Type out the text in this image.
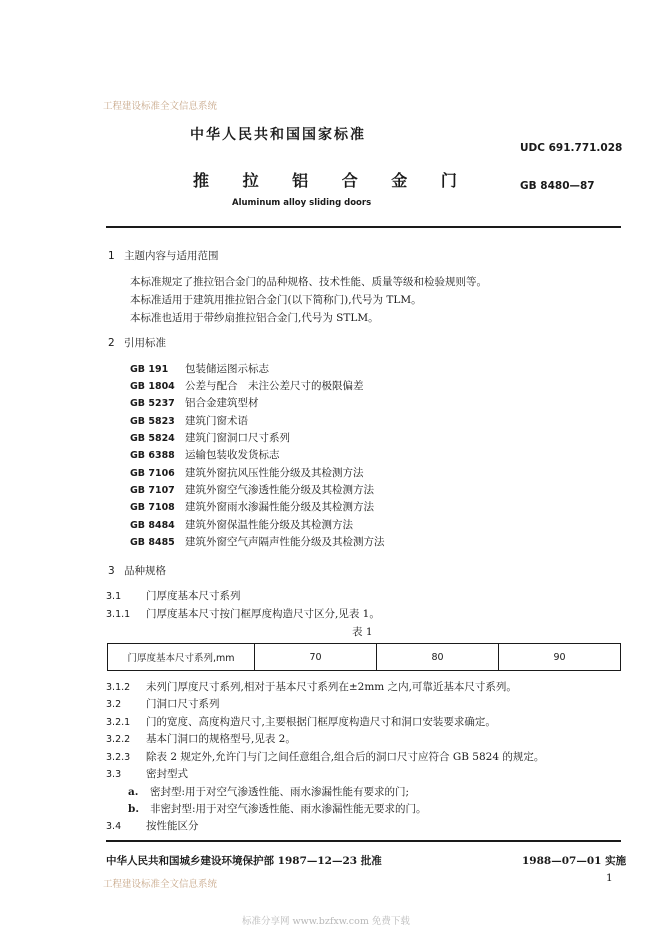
工程建设标准全文信息系统
中华人民共和国国家标准
UDC 691.771.028
推 拉 铝 合 金 门	GB 8480—87
Aluminum alloy sliding doors
1 主题内容与适用范围
本标准规定了推拉铝合金门的品种规格、技术性能、质量等级和检验规则等。
本标准适用于建筑用推拉铝合金门(以下简称门),代号为 TLM。
本标准也适用于带纱扇推拉铝合金门,代号为 STLM。
2 引用标准
GB 191 包装储运图示标志
GB 1804 公差与配合　未注公差尺寸的极限偏差
GB 5237 铝合金建筑型材
GB 5823 建筑门窗术语
GB 5824 建筑门窗洞口尺寸系列
GB 6388 运输包装收发货标志
GB 7106 建筑外窗抗风压性能分级及其检测方法
GB 7107 建筑外窗空气渗透性能分级及其检测方法
GB 7108 建筑外窗雨水渗漏性能分级及其检测方法
GB 8484 建筑外窗保温性能分级及其检测方法
GB 8485 建筑外窗空气声隔声性能分级及其检测方法
3 品种规格
3.1 门厚度基本尺寸系列
3.1.1 门厚度基本尺寸按门框厚度构造尺寸区分,见表 1。
表 1
门厚度基本尺寸系列,mm	70	80	90
3.1.2 未列门厚度尺寸系列,相对于基本尺寸系列在±2mm 之内,可靠近基本尺寸系列。
3.2 门洞口尺寸系列
3.2.1 门的宽度、高度构造尺寸,主要根据门框厚度构造尺寸和洞口安装要求确定。
3.2.2 基本门洞口的规格型号,见表 2。
3.2.3 除表 2 规定外,允许门与门之间任意组合,组合后的洞口尺寸应符合 GB 5824 的规定。
3.3 密封型式
a. 密封型:用于对空气渗透性能、雨水渗漏性能有要求的门;
b. 非密封型:用于对空气渗透性能、雨水渗漏性能无要求的门。
3.4 按性能区分
中华人民共和国城乡建设环境保护部 1987—12—23 批准	1988—07—01 实施
1
工程建设标准全文信息系统
标准分享网 www.bzfxw.com 免费下载
